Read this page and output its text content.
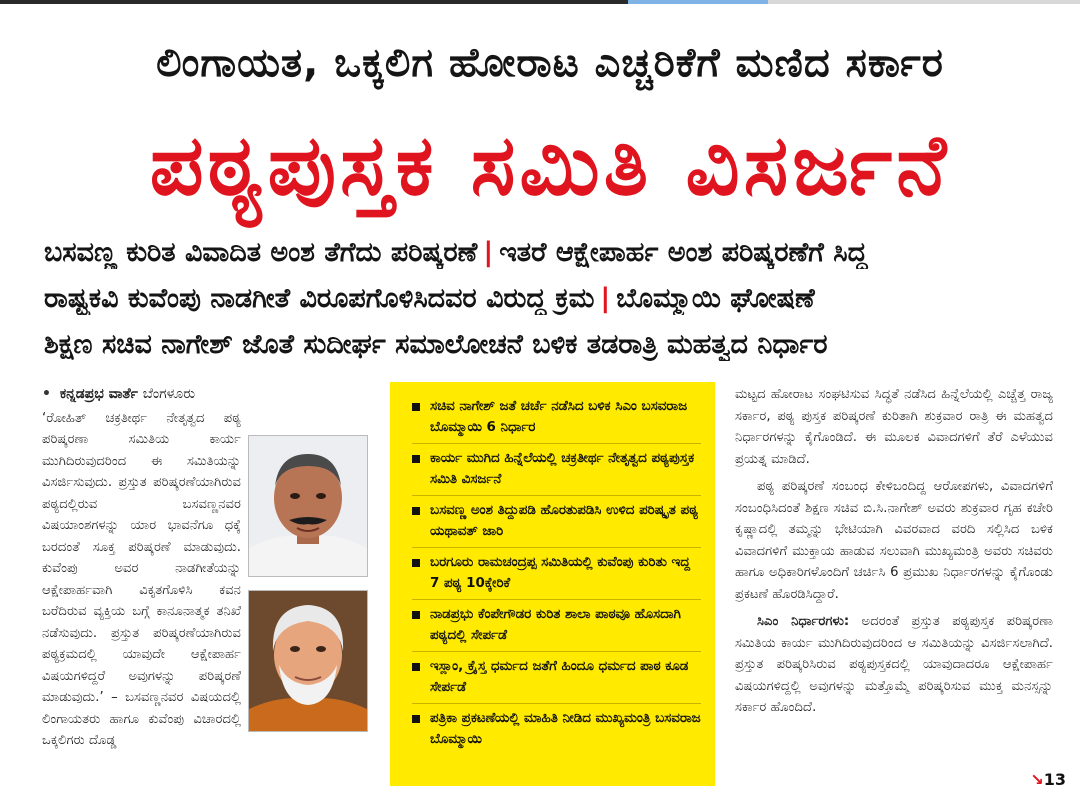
ಲಿಂಗಾಯತ, ಒಕ್ಕಲಿಗ ಹೋರಾಟ ಎಚ್ಚರಿಕೆಗೆ ಮಣಿದ ಸರ್ಕಾರ
ಪಠ್ಯಪುಸ್ತಕ ಸಮಿತಿ ವಿಸರ್ಜನೆ
ಬಸವಣ್ಣ ಕುರಿತ ವಿವಾದಿತ ಅಂಶ ತೆಗೆದು ಪರಿಷ್ಕರಣೆ | ಇತರೆ ಆಕ್ಷೇಪಾರ್ಹ ಅಂಶ ಪರಿಷ್ಕರಣೆಗೆ ಸಿದ್ಧ
ರಾಷ್ಟ್ರಕವಿ ಕುವೆಂಪು ನಾಡಗೀತೆ ವಿರೂಪಗೊಳಿಸಿದವರ ವಿರುದ್ಧ ಕ್ರಮ | ಬೊಮ್ಮಾಯಿ ಘೋಷಣೆ
ಶಿಕ್ಷಣ ಸಚಿವ ನಾಗೇಶ್ ಜೊತೆ ಸುದೀರ್ಘ ಸಮಾಲೋಚನೆ ಬಳಿಕ ತಡರಾತ್ರಿ ಮಹತ್ವದ ನಿರ್ಧಾರ
• ಕನ್ನಡಪ್ರಭ ವಾರ್ತೆ ಬೆಂಗಳೂರು

‘ರೋಹಿತ್ ಚಕ್ರತೀರ್ಥ ನೇತೃತ್ವದ ಪಠ್ಯ ಪರಿಷ್ಕರಣಾ ಸಮಿತಿಯ ಕಾರ್ಯ ಮುಗಿದಿರುವುದರಿಂದ ಈ ಸಮಿತಿಯನ್ನು ವಿಸರ್ಜಿಸುವುದು. ಪ್ರಸ್ತುತ ಪರಿಷ್ಕರಣೆಯಾಗಿರುವ ಪಠ್ಯದಲ್ಲಿರುವ ಬಸವಣ್ಣನವರ ವಿಷಯಾಂಶಗಳನ್ನು ಯಾರ ಭಾವನೆಗೂ ಧಕ್ಕೆ ಬರದಂತೆ ಸೂಕ್ತ ಪರಿಷ್ಕರಣೆ ಮಾಡುವುದು. ಕುವೆಂಪು ಅವರ ನಾಡಗೀತೆಯನ್ನು ಆಕ್ಷೇಪಾರ್ಹವಾಗಿ ವಿಕೃತಗೊಳಿಸಿ ಕವನ ಬರೆದಿರುವ ವ್ಯಕ್ತಿಯ ಬಗ್ಗೆ ಕಾನೂನಾತ್ಮಕ ತನಿಖೆ ನಡೆಸುವುದು. ಪ್ರಸ್ತುತ ಪರಿಷ್ಕರಣೆಯಾಗಿರುವ ಪಠ್ಯಕ್ರಮದಲ್ಲಿ ಯಾವುದೇ ಆಕ್ಷೇಪಾರ್ಹ ವಿಷಯಗಳಿದ್ದರೆ ಅವುಗಳನ್ನು ಪರಿಷ್ಕರಣೆ ಮಾಡುವುದು.’ – ಬಸವಣ್ಣನವರ ವಿಷಯದಲ್ಲಿ ಲಿಂಗಾಯತರು ಹಾಗೂ ಕುವೆಂಪು ವಿಚಾರದಲ್ಲಿ ಒಕ್ಕಲಿಗರು ದೊಡ್ಡ

ಸಚಿವ ನಾಗೇಶ್ ಜತೆ ಚರ್ಚೆ ನಡೆಸಿದ ಬಳಿಕ ಸಿಎಂ ಬಸವರಾಜ ಬೊಮ್ಮಾಯಿ 6 ನಿರ್ಧಾರ
ಕಾರ್ಯ ಮುಗಿದ ಹಿನ್ನೆಲೆಯಲ್ಲಿ ಚಕ್ರತೀರ್ಥ ನೇತೃತ್ವದ ಪಠ್ಯಪುಸ್ತಕ ಸಮಿತಿ ವಿಸರ್ಜನೆ
ಬಸವಣ್ಣ ಅಂಶ ತಿದ್ದುಪಡಿ ಹೊರತುಪಡಿಸಿ ಉಳಿದ ಪರಿಷ್ಕೃತ ಪಠ್ಯ ಯಥಾವತ್ ಜಾರಿ
ಬರಗೂರು ರಾಮಚಂದ್ರಪ್ಪ ಸಮಿತಿಯಲ್ಲಿ ಕುವೆಂಪು ಕುರಿತು ಇದ್ದ 7 ಪಠ್ಯ 10ಕ್ಕೇರಿಕೆ
ನಾಡಪ್ರಭು ಕೆಂಪೇಗೌಡರ ಕುರಿತ ಶಾಲಾ ಪಾಠವೂ ಹೊಸದಾಗಿ ಪಠ್ಯದಲ್ಲಿ ಸೇರ್ಪಡೆ
ಇಸ್ಲಾಂ, ಕ್ರೈಸ್ತ ಧರ್ಮದ ಜತೆಗೆ ಹಿಂದೂ ಧರ್ಮದ ಪಾಠ ಕೂಡ ಸೇರ್ಪಡೆ
ಪತ್ರಿಕಾ ಪ್ರಕಟಣೆಯಲ್ಲಿ ಮಾಹಿತಿ ನೀಡಿದ ಮುಖ್ಯಮಂತ್ರಿ ಬಸವರಾಜ ಬೊಮ್ಮಾಯಿ

ಮಟ್ಟದ ಹೋರಾಟ ಸಂಘಟಿಸುವ ಸಿದ್ಧತೆ ನಡೆಸಿದ ಹಿನ್ನೆಲೆಯಲ್ಲಿ ಎಚ್ಚೆತ್ತ ರಾಜ್ಯ ಸರ್ಕಾರ, ಪಠ್ಯ ಪುಸ್ತಕ ಪರಿಷ್ಕರಣೆ ಕುರಿತಾಗಿ ಶುಕ್ರವಾರ ರಾತ್ರಿ ಈ ಮಹತ್ವದ ನಿರ್ಧಾರಗಳನ್ನು ಕೈಗೊಂಡಿದೆ. ಈ ಮೂಲಕ ವಿವಾದಗಳಿಗೆ ತೆರೆ ಎಳೆಯುವ ಪ್ರಯತ್ನ ಮಾಡಿದೆ.

ಪಠ್ಯ ಪರಿಷ್ಕರಣೆ ಸಂಬಂಧ ಕೇಳಿಬಂದಿದ್ದ ಆರೋಪಗಳು, ವಿವಾದಗಳಿಗೆ ಸಂಬಂಧಿಸಿದಂತೆ ಶಿಕ್ಷಣ ಸಚಿವ ಬಿ.ಸಿ.ನಾಗೇಶ್ ಅವರು ಶುಕ್ರವಾರ ಗೃಹ ಕಚೇರಿ ಕೃಷ್ಣಾದಲ್ಲಿ ತಮ್ಮನ್ನು ಭೇಟಿಯಾಗಿ ವಿವರವಾದ ವರದಿ ಸಲ್ಲಿಸಿದ ಬಳಿಕ ವಿವಾದಗಳಿಗೆ ಮುಕ್ತಾಯ ಹಾಡುವ ಸಲುವಾಗಿ ಮುಖ್ಯಮಂತ್ರಿ ಅವರು ಸಚಿವರು ಹಾಗೂ ಅಧಿಕಾರಿಗಳೊಂದಿಗೆ ಚರ್ಚಿಸಿ 6 ಪ್ರಮುಖ ನಿರ್ಧಾರಗಳನ್ನು ಕೈಗೊಂಡು ಪ್ರಕಟಣೆ ಹೊರಡಿಸಿದ್ದಾರೆ.

ಸಿಎಂ ನಿರ್ಧಾರಗಳು: ಅದರಂತೆ ಪ್ರಸ್ತುತ ಪಠ್ಯಪುಸ್ತಕ ಪರಿಷ್ಕರಣಾ ಸಮಿತಿಯ ಕಾರ್ಯ ಮುಗಿದಿರುವುದರಿಂದ ಆ ಸಮಿತಿಯನ್ನು ವಿಸರ್ಜಿಸಲಾಗಿದೆ. ಪ್ರಸ್ತುತ ಪರಿಷ್ಕರಿಸಿರುವ ಪಠ್ಯಪುಸ್ತಕದಲ್ಲಿ ಯಾವುದಾದರೂ ಆಕ್ಷೇಪಾರ್ಹ ವಿಷಯಗಳಿದ್ದಲ್ಲಿ ಅವುಗಳನ್ನು ಮತ್ತೊಮ್ಮೆ ಪರಿಷ್ಕರಿಸುವ ಮುಕ್ತ ಮನಸ್ಸನ್ನು ಸರ್ಕಾರ ಹೊಂದಿದೆ.

↘13
